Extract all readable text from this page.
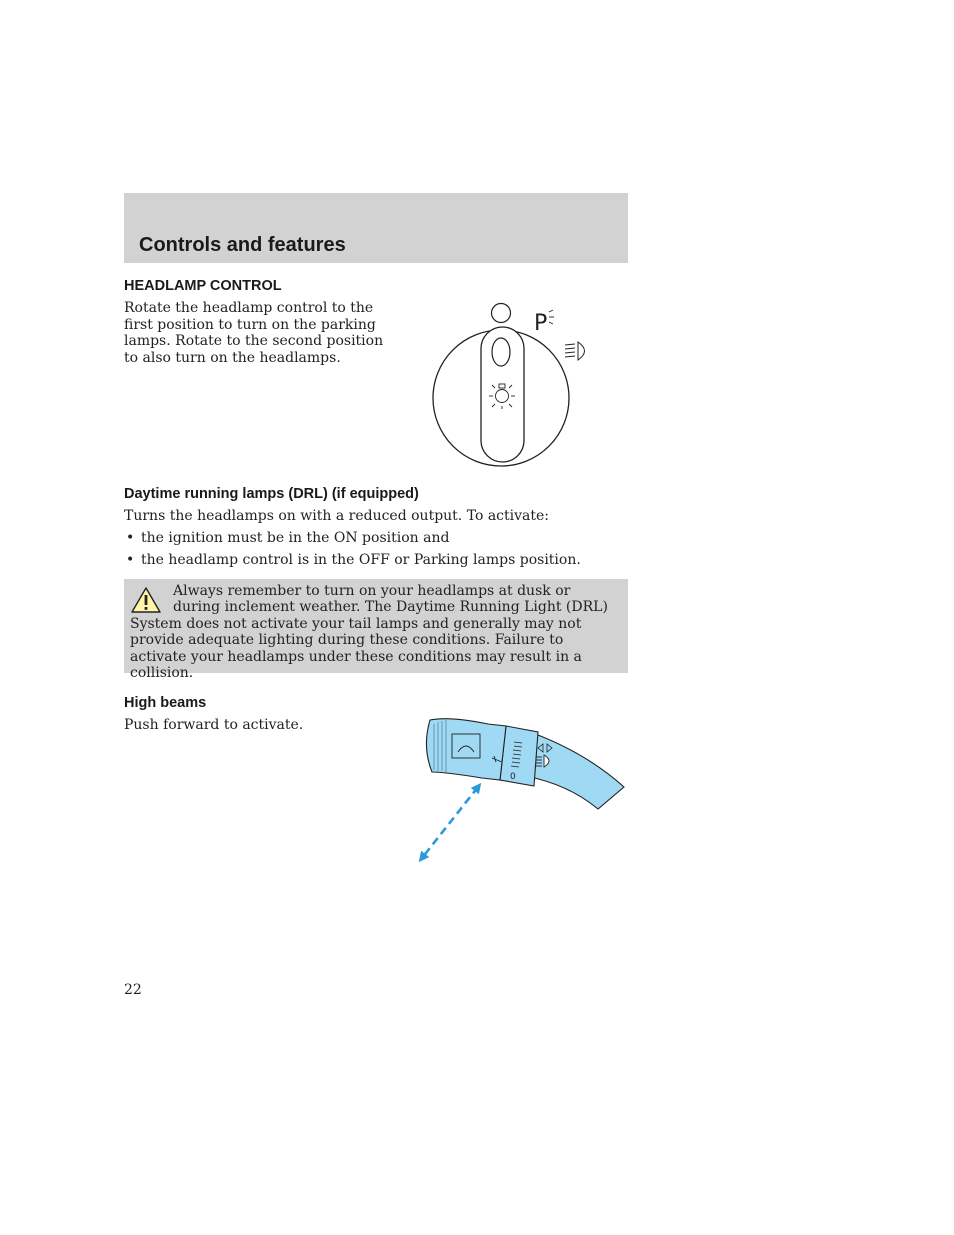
Controls and features
HEADLAMP CONTROL

Rotate the headlamp control to the first position to turn on the parking lamps. Rotate to the second position to also turn on the headlamps.

P
Daytime running lamps (DRL) (if equipped)

Turns the headlamps on with a reduced output. To activate:

• the ignition must be in the ON position and
• the headlamp control is in the OFF or Parking lamps position.

Always remember to turn on your headlamps at dusk or during inclement weather. The Daytime Running Light (DRL) System does not activate your tail lamps and generally may not provide adequate lighting during these conditions. Failure to activate your headlamps under these conditions may result in a collision.

High beams

Push forward to activate.

0

22
